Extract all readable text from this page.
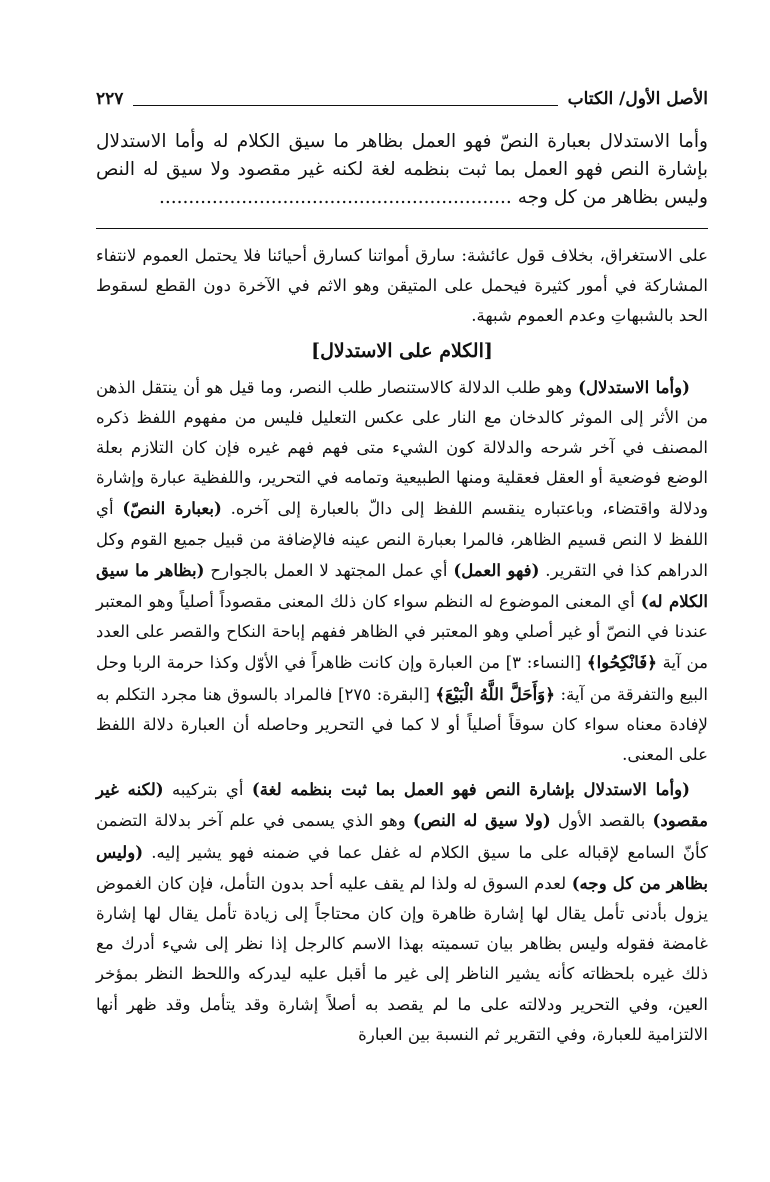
الأصل الأول/ الكتاب
٢٢٧
وأما الاستدلال بعبارة النصّ فهو العمل بظاهر ما سيق الكلام له وأما الاستدلال بإشارة النص فهو العمل بما ثبت بنظمه لغة لكنه غير مقصود ولا سيق له النص وليس بظاهر من كل وجه ............................................................

على الاستغراق، بخلاف قول عائشة: سارق أمواتنا كسارق أحيائنا فلا يحتمل العموم لانتفاء المشاركة في أمور كثيرة فيحمل على المتيقن وهو الاثم في الآخرة دون القطع لسقوط الحد بالشبهاتِ وعدم العموم شبهة.

[الكلام على الاستدلال]

(وأما الاستدلال) وهو طلب الدلالة كالاستنصار طلب النصر، وما قيل هو أن ينتقل الذهن من الأثر إلى الموثر كالدخان مع النار على عكس التعليل فليس من مفهوم اللفظ ذكره المصنف في آخر شرحه والدلالة كون الشيء متى فهم فهم غيره فإن كان التلازم بعلة الوضع فوضعية أو العقل فعقلية ومنها الطبيعية وتمامه في التحرير، واللفظية عبارة وإشارة ودلالة واقتضاء، وباعتباره ينقسم اللفظ إلى دالّ بالعبارة إلى آخره. (بعبارة النصّ) أي اللفظ لا النص قسيم الظاهر، فالمرا بعبارة النص عينه فالإضافة من قبيل جميع القوم وكل الدراهم كذا في التقرير. (فهو العمل) أي عمل المجتهد لا العمل بالجوارح (بظاهر ما سيق الكلام له) أي المعنى الموضوع له النظم سواء كان ذلك المعنى مقصوداً أصلياً وهو المعتبر عندنا في النصّ أو غير أصلي وهو المعتبر في الظاهر ففهم إباحة النكاح والقصر على العدد من آية ﴿فَانْكِحُوا﴾ [النساء: ٣] من العبارة وإن كانت ظاهراً في الأوّل وكذا حرمة الربا وحل البيع والتفرقة من آية: ﴿وَأَحَلَّ اللَّهُ الْبَيْعَ﴾ [البقرة: ٢٧٥] فالمراد بالسوق هنا مجرد التكلم به لإفادة معناه سواء كان سوقاً أصلياً أو لا كما في التحرير وحاصله أن العبارة دلالة اللفظ على المعنى.

(وأما الاستدلال بإشارة النص فهو العمل بما ثبت بنظمه لغة) أي بتركيبه (لكنه غير مقصود) بالقصد الأول (ولا سيق له النص) وهو الذي يسمى في علم آخر بدلالة التضمن كأنّ السامع لإقباله على ما سيق الكلام له غفل عما في ضمنه فهو يشير إليه. (وليس بظاهر من كل وجه) لعدم السوق له ولذا لم يقف عليه أحد بدون التأمل، فإن كان الغموض يزول بأدنى تأمل يقال لها إشارة ظاهرة وإن كان محتاجاً إلى زيادة تأمل يقال لها إشارة غامضة فقوله وليس بظاهر بيان تسميته بهذا الاسم كالرجل إذا نظر إلى شيء أدرك مع ذلك غيره بلحظاته كأنه يشير الناظر إلى غير ما أقبل عليه ليدركه واللحظ النظر بمؤخر العين، وفي التحرير ودلالته على ما لم يقصد به أصلاً إشارة وقد يتأمل وقد ظهر أنها الالتزامية للعبارة، وفي التقرير ثم النسبة بين العبارة
